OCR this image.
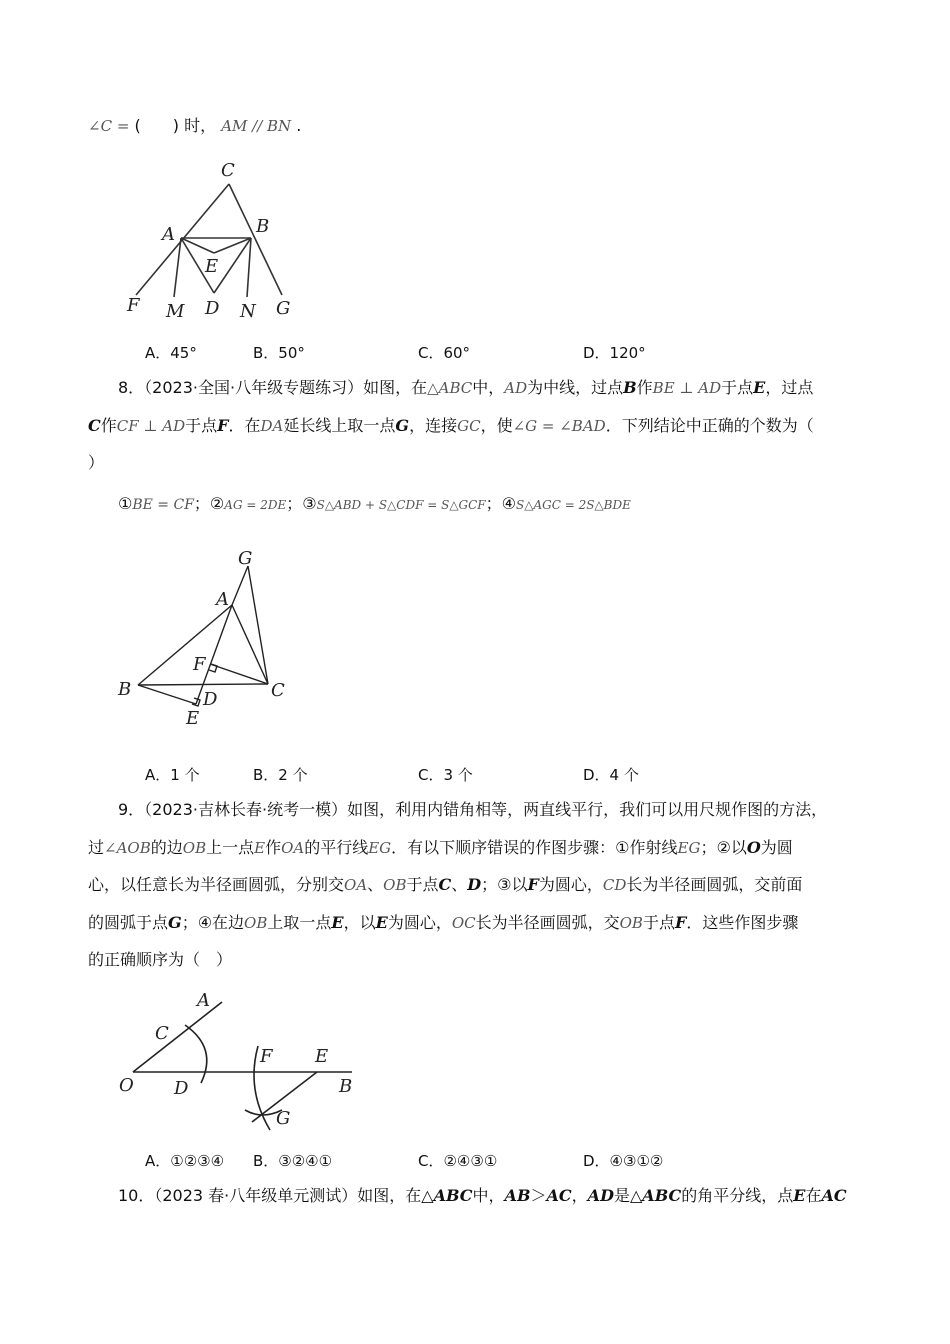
∠C = (　　) 时， AM // BN .
C
A	B
E
F M D N G
A．45°	B．50°	C．60°	D．120°
8．（2023·全国·八年级专题练习）如图，在△ABC中，AD为中线，过点B作BE ⊥ AD于点E，过点
C作CF ⊥ AD于点F．在DA延长线上取一点G，连接GC，使∠G = ∠BAD．下列结论中正确的个数为（
）
①BE = CF；②AG = 2DE；③S△ABD + S△CDF = S△GCF；④S△AGC = 2S△BDE
G
A
F
B	C
D
E
A．1 个	B．2 个	C．3 个	D．4 个
9．（2023·吉林长春·统考一模）如图，利用内错角相等，两直线平行，我们可以用尺规作图的方法，
过∠AOB的边OB上一点E作OA的平行线EG．有以下顺序错误的作图步骤：①作射线EG；②以O为圆
心，以任意长为半径画圆弧，分别交OA、OB于点C、D；③以F为圆心，CD长为半径画圆弧，交前面
的圆弧于点G；④在边OB上取一点E，以E为圆心，OC长为半径画圆弧，交OB于点F．这些作图步骤
的正确顺序为（　）
A
C
O D
F E
B
G
A．①②③④ B．③②④①	C．②④③①	D．④③①②
10．（2023 春·八年级单元测试）如图，在△ABC中，AB＞AC，AD是△ABC的角平分线，点E在AC
